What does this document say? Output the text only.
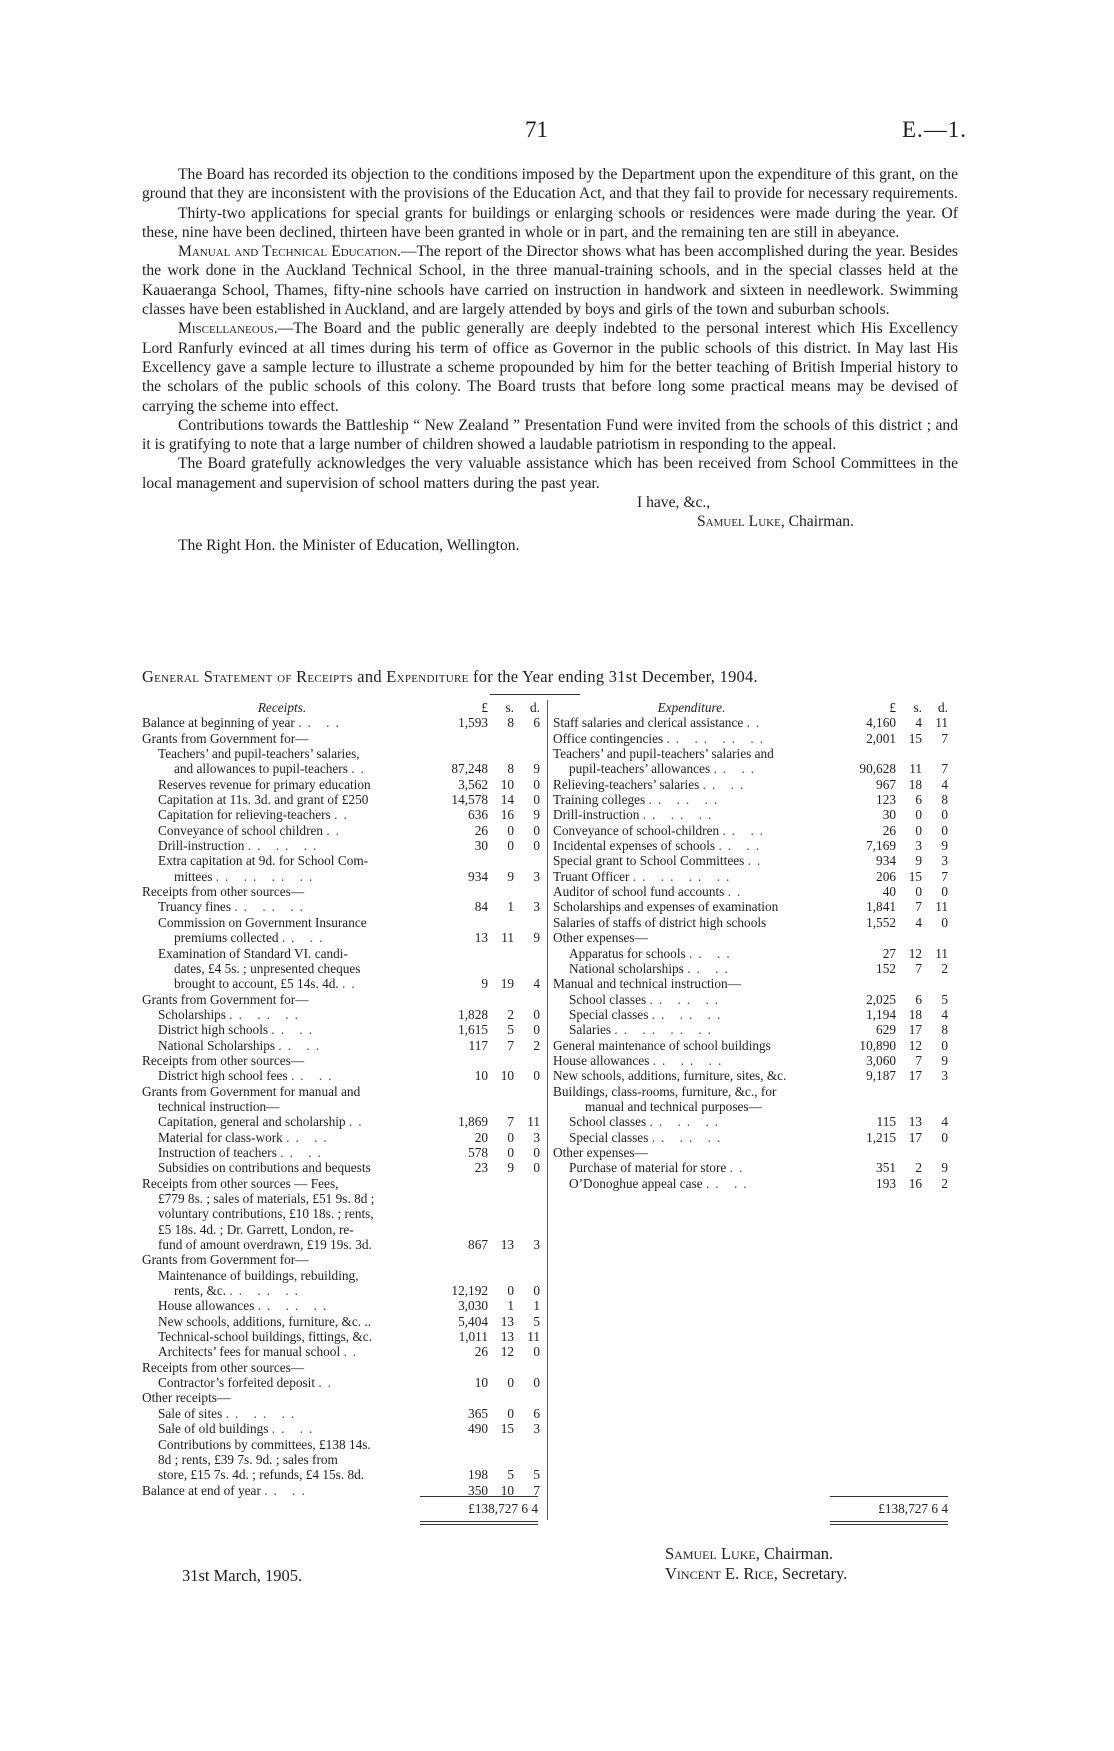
71	E.—1.

The Board has recorded its objection to the conditions imposed by the Department upon the expenditure of this grant, on the ground that they are inconsistent with the provisions of the Education Act, and that they fail to provide for necessary requirements.

Thirty-two applications for special grants for buildings or enlarging schools or residences were made during the year. Of these, nine have been declined, thirteen have been granted in whole or in part, and the remaining ten are still in abeyance.

Manual and Technical Education.—The report of the Director shows what has been accomplished during the year. Besides the work done in the Auckland Technical School, in the three manual-training schools, and in the special classes held at the Kauaeranga School, Thames, fifty-nine schools have carried on instruction in handwork and sixteen in needlework. Swimming classes have been established in Auckland, and are largely attended by boys and girls of the town and suburban schools.

Miscellaneous.—The Board and the public generally are deeply indebted to the personal interest which His Excellency Lord Ranfurly evinced at all times during his term of office as Governor in the public schools of this district. In May last His Excellency gave a sample lecture to illustrate a scheme propounded by him for the better teaching of British Imperial history to the scholars of the public schools of this colony. The Board trusts that before long some practical means may be devised of carrying the scheme into effect.

Contributions towards the Battleship “ New Zealand ” Presentation Fund were invited from the schools of this district ; and it is gratifying to note that a large number of children showed a laudable patriotism in responding to the appeal.

The Board gratefully acknowledges the very valuable assistance which has been received from School Committees in the local management and supervision of school matters during the past year.

I have, &c.,

Samuel Luke, Chairman.

The Right Hon. the Minister of Education, Wellington.

General Statement of Receipts and Expenditure for the Year ending 31st December, 1904.
Receipts.	£	s.	d.
Balance at beginning of year .. ..	1,593	8	6
Grants from Government for—
Teachers’ and pupil-teachers’ salaries,
and allowances to pupil-teachers ..	87,248	8	9
Reserves revenue for primary education	3,562 10	0
Capitation at 11s. 3d. and grant of £250	14,578 14	0
Capitation for relieving-teachers ..	636 16	9
Conveyance of school children ..	26	0	0
Drill-instruction .. .. ..	30	0	0
Extra capitation at 9d. for School Com-
mittees .. .. .. ..	934	9	3
Receipts from other sources—
Truancy fines .. .. ..	84	1	3
Commission on Government Insurance
premiums collected .. ..	13 11	9
Examination of Standard VI. candi-
dates, £4 5s. ; unpresented cheques
brought to account, £5 14s. 4d. ..	9 19	4
Grants from Government for—
Scholarships .. .. ..	1,828	2	0
District high schools .. ..	1,615	5	0
National Scholarships .. ..	117	7	2
Receipts from other sources—
District high school fees .. ..	10 10	0
Grants from Government for manual and
technical instruction—
Capitation, general and scholarship ..	1,869	7 11
Material for class-work .. ..	20	0	3
Instruction of teachers .. ..	578	0	0
Subsidies on contributions and bequests	23	9	0
Receipts from other sources — Fees,
£779 8s. ; sales of materials, £51 9s. 8d ;
voluntary contributions, £10 18s. ; rents,
£5 18s. 4d. ; Dr. Garrett, London, re-
fund of amount overdrawn, £19 19s. 3d.	867 13	3
Grants from Government for—
Maintenance of buildings, rebuilding,
rents, &c. .. .. ..	12,192	0	0
House allowances .. .. ..	3,030	1	1
New schools, additions, furniture, &c. ..	5,404 13	5
Technical-school buildings, fittings, &c.	1,011 13 11
Architects’ fees for manual school ..	26 12	0
Receipts from other sources—
Contractor’s forfeited deposit ..	10	0	0
Other receipts—
Sale of sites .. .. ..	365	0	6
Sale of old buildings .. ..	490 15	3
Contributions by committees, £138 14s.
8d ; rents, £39 7s. 9d. ; sales from
store, £15 7s. 4d. ; refunds, £4 15s. 8d.	198	5	5
Balance at end of year .. ..	350 10	7
Expenditure.	£	s.	d.
Staff salaries and clerical assistance ..	4,160	4 11
Office contingencies .. .. .. ..	2,001 15	7
Teachers’ and pupil-teachers’ salaries and
pupil-teachers’ allowances .. ..	90,628 11	7
Relieving-teachers’ salaries .. ..	967 18	4
Training colleges .. .. ..	123	6	8
Drill-instruction .. .. ..	30	0	0
Conveyance of school-children .. ..	26	0	0
Incidental expenses of schools .. ..	7,169	3	9
Special grant to School Committees ..	934	9	3
Truant Officer .. .. .. ..	206 15	7
Auditor of school fund accounts ..	40	0	0
Scholarships and expenses of examination	1,841	7 11
Salaries of staffs of district high schools	1,552	4	0
Other expenses—
Apparatus for schools .. ..	27 12 11
National scholarships .. ..	152	7	2
Manual and technical instruction—
School classes .. .. ..	2,025	6	5
Special classes .. .. ..	1,194 18	4
Salaries .. .. .. ..	629 17	8
General maintenance of school buildings	10,890 12	0
House allowances .. .. ..	3,060	7	9
New schools, additions, furniture, sites, &c.	9,187 17	3
Buildings, class-rooms, furniture, &c., for
manual and technical purposes—
School classes .. .. ..	115 13	4
Special classes .. .. ..	1,215 17	0
Other expenses—
Purchase of material for store ..	351	2	9
O’Donoghue appeal case .. ..	193 16	2
£138,727 6 4	£138,727 6 4
31st March, 1905.
Samuel Luke, Chairman.
Vincent E. Rice, Secretary.
